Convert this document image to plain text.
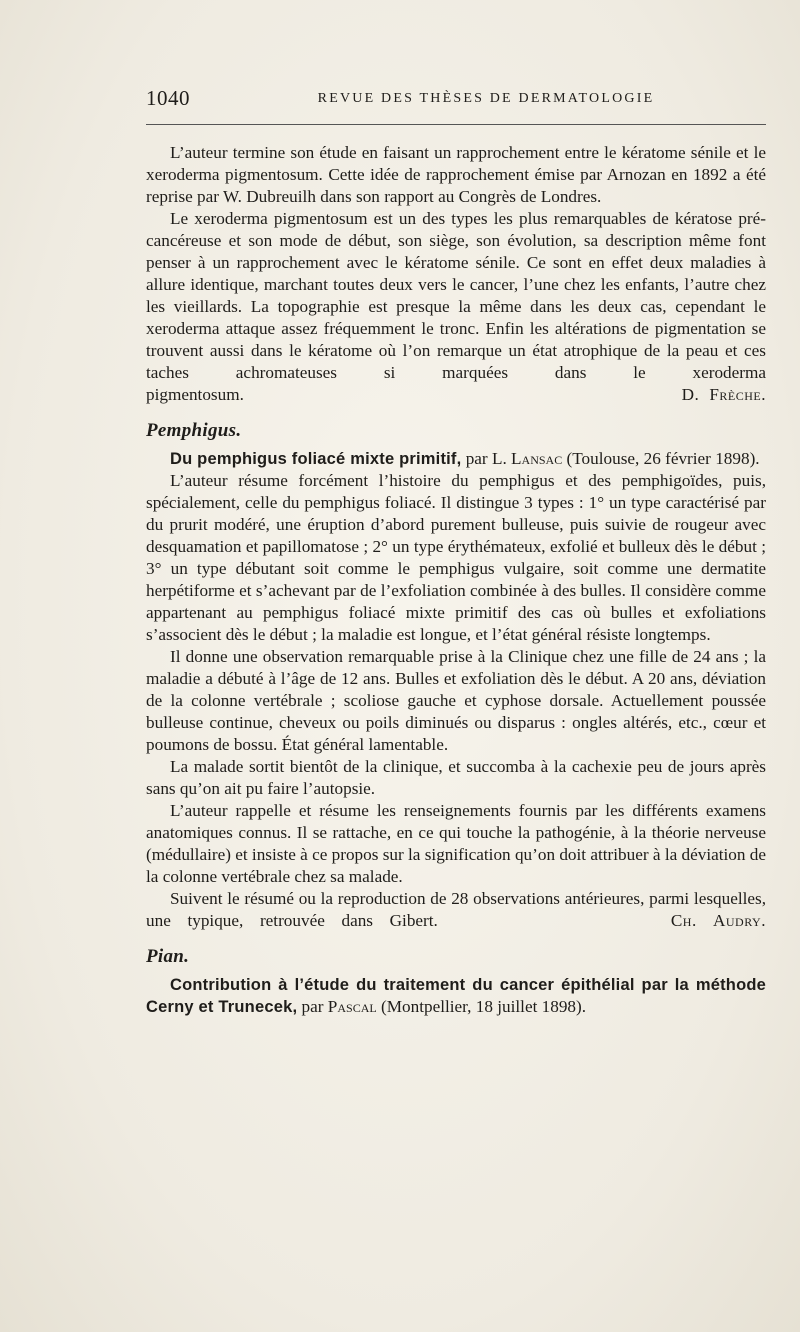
1040	REVUE DES THÈSES DE DERMATOLOGIE

L’auteur termine son étude en faisant un rapprochement entre le kératome sénile et le xeroderma pigmentosum. Cette idée de rapprochement émise par Arnozan en 1892 a été reprise par W. Dubreuilh dans son rapport au Congrès de Londres.

Le xeroderma pigmentosum est un des types les plus remarquables de kératose pré-cancéreuse et son mode de début, son siège, son évolution, sa description même font penser à un rapprochement avec le kératome sénile. Ce sont en effet deux maladies à allure identique, marchant toutes deux vers le cancer, l’une chez les enfants, l’autre chez les vieillards. La topographie est presque la même dans les deux cas, cependant le xeroderma attaque assez fréquemment le tronc. Enfin les altérations de pigmentation se trouvent aussi dans le kératome où l’on remarque un état atrophique de la peau et ces taches achromateuses si marquées dans le xeroderma pigmentosum.	D. Frèche.

Pemphigus.

Du pemphigus foliacé mixte primitif, par L. Lansac (Toulouse, 26 février 1898).

L’auteur résume forcément l’histoire du pemphigus et des pemphigoïdes, puis, spécialement, celle du pemphigus foliacé. Il distingue 3 types : 1° un type caractérisé par du prurit modéré, une éruption d’abord purement bulleuse, puis suivie de rougeur avec desquamation et papillomatose ; 2° un type érythémateux, exfolié et bulleux dès le début ; 3° un type débutant soit comme le pemphigus vulgaire, soit comme une dermatite herpétiforme et s’achevant par de l’exfoliation combinée à des bulles. Il considère comme appartenant au pemphigus foliacé mixte primitif des cas où bulles et exfoliations s’associent dès le début ; la maladie est longue, et l’état général résiste longtemps.

Il donne une observation remarquable prise à la Clinique chez une fille de 24 ans ; la maladie a débuté à l’âge de 12 ans. Bulles et exfoliation dès le début. A 20 ans, déviation de la colonne vertébrale ; scoliose gauche et cyphose dorsale. Actuellement poussée bulleuse continue, cheveux ou poils diminués ou disparus : ongles altérés, etc., cœur et poumons de bossu. État général lamentable.

La malade sortit bientôt de la clinique, et succomba à la cachexie peu de jours après sans qu’on ait pu faire l’autopsie.

L’auteur rappelle et résume les renseignements fournis par les différents examens anatomiques connus. Il se rattache, en ce qui touche la pathogénie, à la théorie nerveuse (médullaire) et insiste à ce propos sur la signification qu’on doit attribuer à la déviation de la colonne vertébrale chez sa malade.

Suivent le résumé ou la reproduction de 28 observations antérieures, parmi lesquelles, une typique, retrouvée dans Gibert.	Ch. Audry.

Pian.

Contribution à l’étude du traitement du cancer épithélial par la méthode Cerny et Trunecek, par Pascal (Montpellier, 18 juillet 1898).
